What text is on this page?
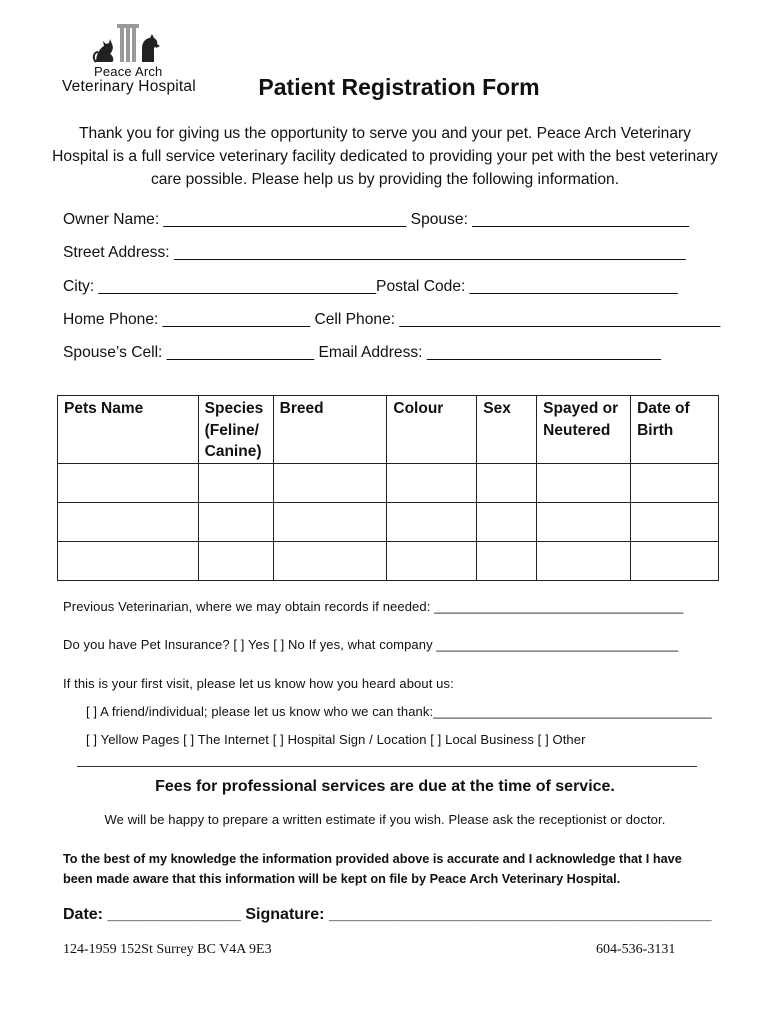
Peace Arch
Veterinary Hospital	Patient Registration Form
Thank you for giving us the opportunity to serve you and your pet. Peace Arch Veterinary Hospital is a full service veterinary facility dedicated to providing your pet with the best veterinary care possible. Please help us by providing the following information.
Owner Name: ____________________________ Spouse: _________________________
Street Address: ___________________________________________________________
City: ________________________________Postal Code: ________________________
Home Phone: _________________ Cell Phone: _____________________________________
Spouse’s Cell: _________________ Email Address: ___________________________
Pets Name	Species (Feline/ Canine)	Breed	Colour	Sex	Spayed or Neutered	Date of Birth

Previous Veterinarian, where we may obtain records if needed: __________________________________
Do you have Pet Insurance? [ ] Yes [ ] No If yes, what company _________________________________
If this is your first visit, please let us know how you heard about us:
[ ] A friend/individual; please let us know who we can thank:______________________________________
[ ] Yellow Pages [ ] The Internet [ ] Hospital Sign / Location [ ] Local Business [ ] Other
Fees for professional services are due at the time of service.
We will be happy to prepare a written estimate if you wish. Please ask the receptionist or doctor.
To the best of my knowledge the information provided above is accurate and I acknowledge that I have been made aware that this information will be kept on file by Peace Arch Veterinary Hospital.
Date: _______________ Signature: ___________________________________________
124-1959 152St Surrey BC V4A 9E3	604-536-3131
